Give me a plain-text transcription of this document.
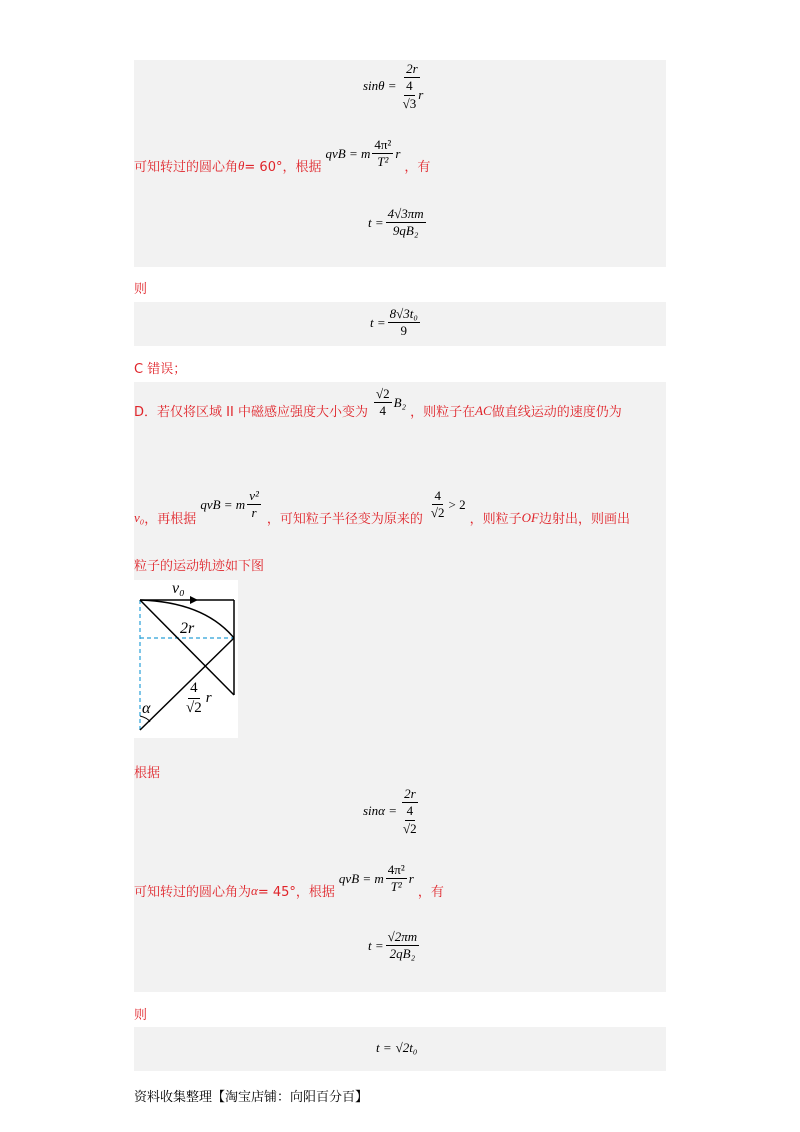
$\sin\theta = \frac{2r}{\frac{4}{√3} r}$
可知转过的圆心角 θ = 60°，根据
qvB = m $\frac{\text{4π²}}{\text{T²}}$ r
，有
$t = \frac{4√3\pi m}{\text{9qB₂}}$
则
$t = \frac{\text{8√3t₀}}{9}$
C 错误；
D．若仅将区域 II 中磁感应强度大小变为 $\frac{√2}{4} B_2$
，则粒子在 AC 做直线运动的速度仍为
v₀ ，再根据
qvB = m $\frac{\text{v²}}{r}$ ，可知粒子半径变为原来的 $\frac{4}{√2} > 2$
，则粒子 OF 边射出，则画出
粒子的运动轨迹如下图
v₀
2r
α $\frac{4}{√2}$ r
根据
$\sin\alpha = \frac{2r}{\frac{4}{√2}}$
可知转过的圆心角为 α = 45°，根据
qvB = m $\frac{\text{4π²}}{\text{T²}}$ r
，有
$t = \frac{√2\pi m}{\text{2qB₂}}$
则
t = √2t₀
资料收集整理【淘宝店铺：向阳百分百】
